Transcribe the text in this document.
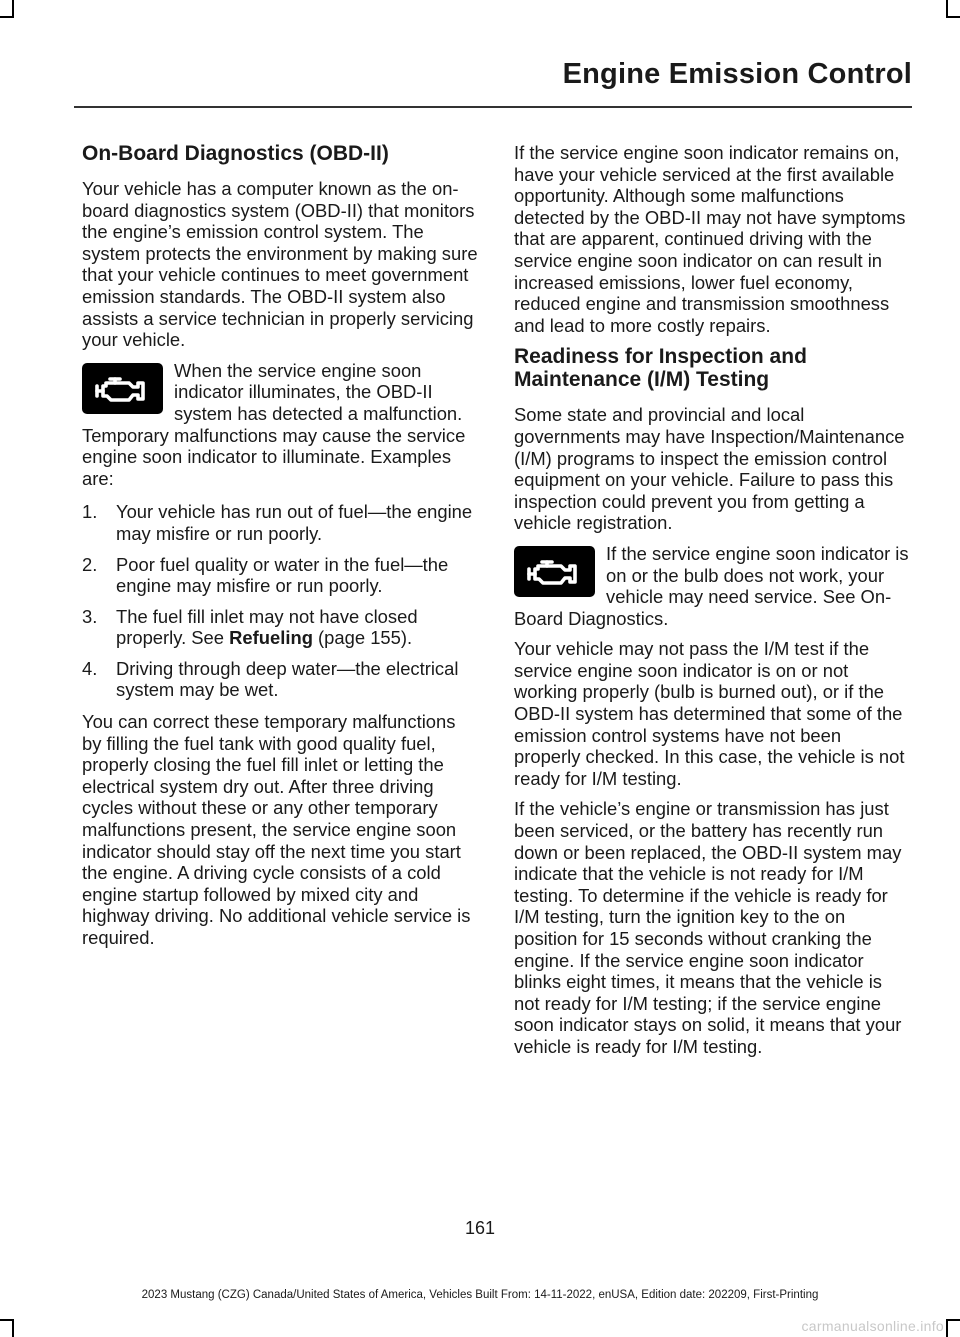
Engine Emission Control
On-Board Diagnostics (OBD-II)

Your vehicle has a computer known as the on-board diagnostics system (OBD-II) that monitors the engine’s emission control system. The system protects the environment by making sure that your vehicle continues to meet government emission standards. The OBD-II system also assists a service technician in properly servicing your vehicle.

When the service engine soon indicator illuminates, the OBD-II system has detected a malfunction. Temporary malfunctions may cause the service engine soon indicator to illuminate. Examples are:
1. Your vehicle has run out of fuel—the engine may misfire or run poorly.
2. Poor fuel quality or water in the fuel—the engine may misfire or run poorly.
3. The fuel fill inlet may not have closed properly. See Refueling (page 155).
4. Driving through deep water—the electrical system may be wet.

You can correct these temporary malfunctions by filling the fuel tank with good quality fuel, properly closing the fuel fill inlet or letting the electrical system dry out. After three driving cycles without these or any other temporary malfunctions present, the service engine soon indicator should stay off the next time you start the engine. A driving cycle consists of a cold engine startup followed by mixed city and highway driving. No additional vehicle service is required.

If the service engine soon indicator remains on, have your vehicle serviced at the first available opportunity. Although some malfunctions detected by the OBD-II may not have symptoms that are apparent, continued driving with the service engine soon indicator on can result in increased emissions, lower fuel economy, reduced engine and transmission smoothness and lead to more costly repairs.

Readiness for Inspection and Maintenance (I/M) Testing

Some state and provincial and local governments may have Inspection/Maintenance (I/M) programs to inspect the emission control equipment on your vehicle. Failure to pass this inspection could prevent you from getting a vehicle registration.

If the service engine soon indicator is on or the bulb does not work, your vehicle may need service. See On-Board Diagnostics.

Your vehicle may not pass the I/M test if the service engine soon indicator is on or not working properly (bulb is burned out), or if the OBD-II system has determined that some of the emission control systems have not been properly checked. In this case, the vehicle is not ready for I/M testing.

If the vehicle’s engine or transmission has just been serviced, or the battery has recently run down or been replaced, the OBD-II system may indicate that the vehicle is not ready for I/M testing. To determine if the vehicle is ready for I/M testing, turn the ignition key to the on position for 15 seconds without cranking the engine. If the service engine soon indicator blinks eight times, it means that the vehicle is not ready for I/M testing; if the service engine soon indicator stays on solid, it means that your vehicle is ready for I/M testing.

161
2023 Mustang (CZG) Canada/United States of America, Vehicles Built From: 14-11-2022, enUSA, Edition date: 202209, First-Printing
carmanualsonline.info
